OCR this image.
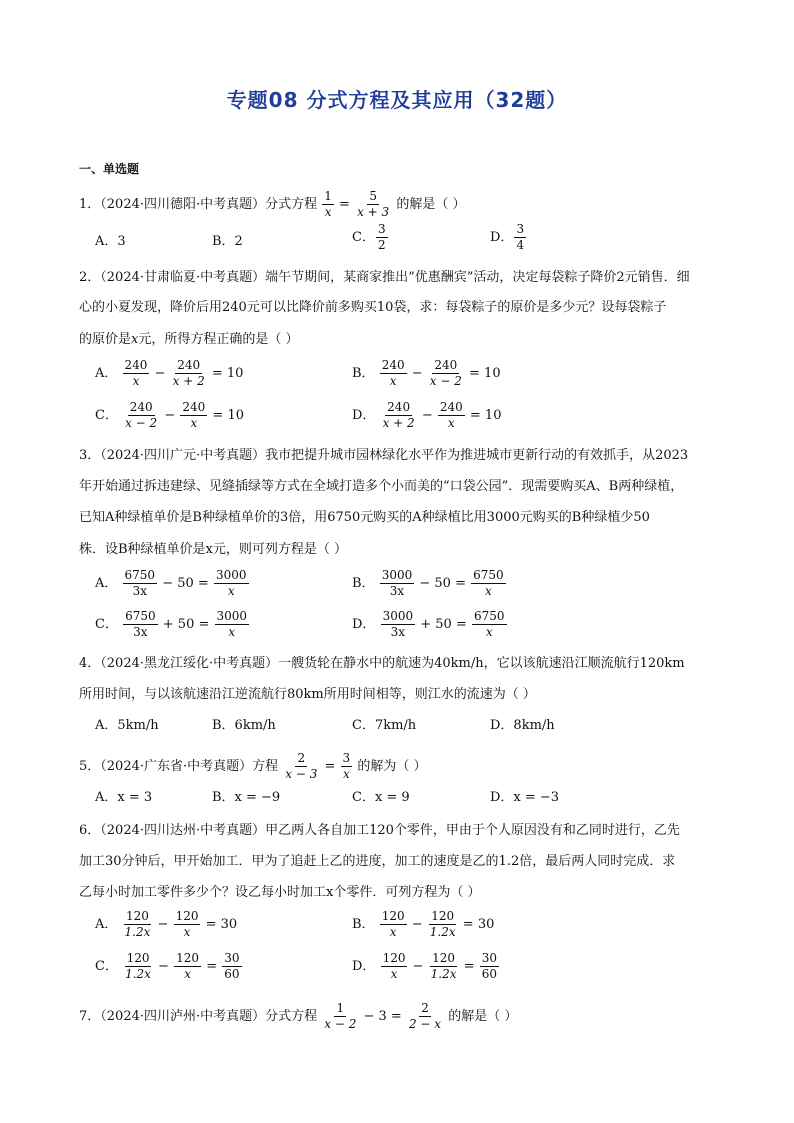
专题08 分式方程及其应用（32题）
一、单选题
1．（2024·四川德阳·中考真题）分式方程 $\frac{1}{x} = \frac{5}{x + 3}$ 的解是（ ）
A．3	B．2	C． $\frac{3}{2}$	D． $\frac{3}{4}$
2．（2024·甘肃临夏·中考真题）端午节期间，某商家推出“优惠酬宾”活动，决定每袋粽子降价2元销售．细
心的小夏发现，降价后用240元可以比降价前多购买10袋，求：每袋粽子的原价是多少元？设每袋粽子
的原价是x元，所得方程正确的是（ ）
A． $\frac{240}{x} - \frac{240}{x + 2} = 10$	B． $\frac{240}{x} - \frac{240}{x - 2} = 10$
C． $\frac{240}{x - 2} - \frac{240}{x} = 10$	D． $\frac{240}{x + 2} - \frac{240}{x} = 10$
3．（2024·四川广元·中考真题）我市把提升城市园林绿化水平作为推进城市更新行动的有效抓手，从2023
年开始通过拆违建绿、见缝插绿等方式在全域打造多个小而美的“口袋公园”．现需要购买A、B两种绿植，
已知A种绿植单价是B种绿植单价的3倍，用6750元购买的A种绿植比用3000元购买的B种绿植少50
株．设B种绿植单价是x元，则可列方程是（ ）
A． $\frac{6750}{3x} - 50 = \frac{3000}{x}$	B． $\frac{3000}{3x} - 50 = \frac{6750}{x}$
C． $\frac{6750}{3x} + 50 = \frac{3000}{x}$	D． $\frac{3000}{3x} + 50 = \frac{6750}{x}$
4．（2024·黑龙江绥化·中考真题）一艘货轮在静水中的航速为40km/h，它以该航速沿江顺流航行120km
所用时间，与以该航速沿江逆流航行80km所用时间相等，则江水的流速为（ ）
A．5km/h	B．6km/h	C．7km/h	D．8km/h
5．（2024·广东省·中考真题）方程 $\frac{2}{x - 3} = \frac{3}{x}$ 的解为（ ）
A．x = 3	B．x = −9	C．x = 9	D．x = −3
6．（2024·四川达州·中考真题）甲乙两人各自加工120个零件，甲由于个人原因没有和乙同时进行，乙先
加工30分钟后，甲开始加工．甲为了追赶上乙的进度，加工的速度是乙的1.2倍，最后两人同时完成．求
乙每小时加工零件多少个？设乙每小时加工x个零件．可列方程为（ ）
A． $\frac{120}{1.2x} - \frac{120}{x} = 30$	B． $\frac{120}{x} - \frac{120}{1.2x} = 30$
C． $\frac{120}{1.2x} - \frac{120}{x} = \frac{30}{60}$	D． $\frac{120}{x} - \frac{120}{1.2x} = \frac{30}{60}$
7．（2024·四川泸州·中考真题）分式方程 $\frac{1}{x - 2} - 3 = \frac{2}{2 - x}$ 的解是（ ）
